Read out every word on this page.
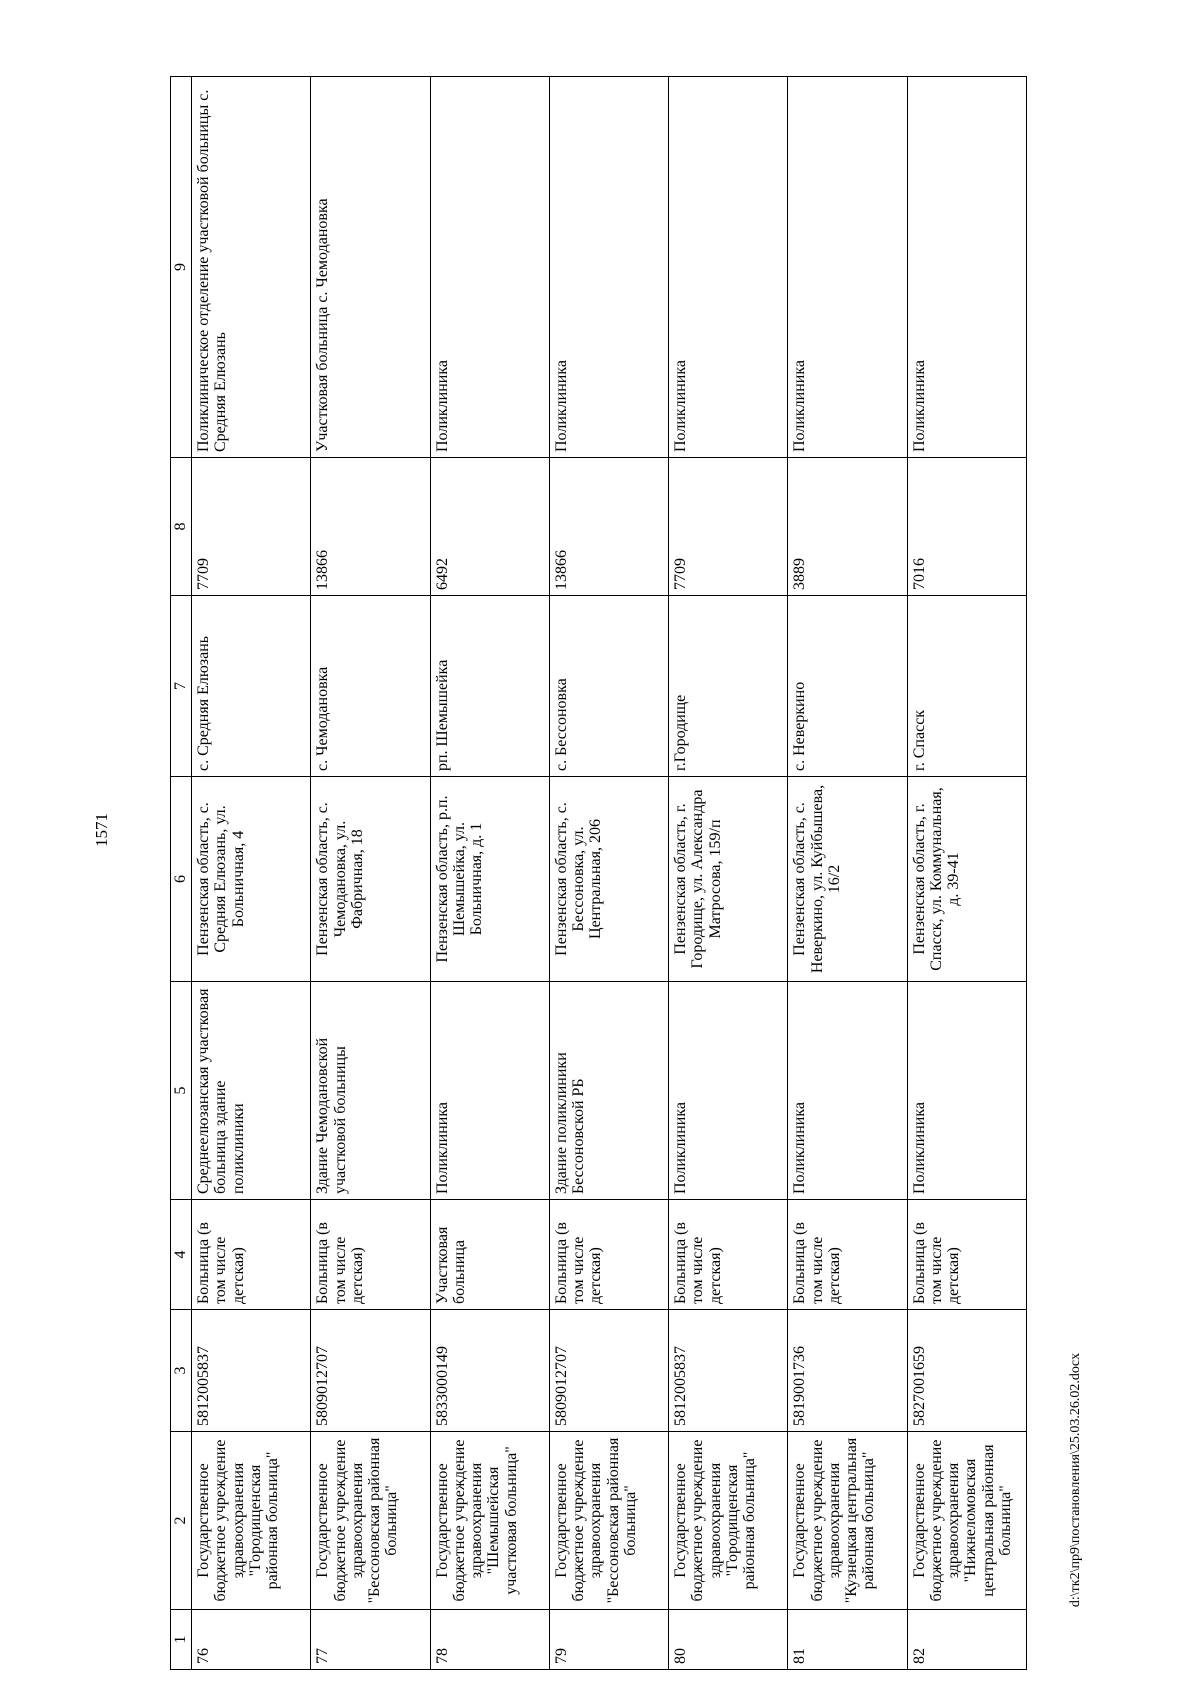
1571
1	2	3	4	5	6	7	8	9
76	Государственное бюджетное учреждение здравоохранения "Городищенская районная больница"	5812005837	Больница (в том числе детская)	Среднеелюзанская участковая больница здание поликлиники	Пензенская область, с. Средняя Елюзань, ул. Больничная, 4	с. Средняя Елюзань	7709	Поликлиническое отделение участковой больницы с. Средняя Елюзань
77	Государственное бюджетное учреждение здравоохранения "Бессоновская районная больница"	5809012707	Больница (в том числе детская)	Здание Чемодановской участковой больницы	Пензенская область, с. Чемодановка, ул. Фабричная, 18	с. Чемодановка	13866	Участковая больница с. Чемодановка
78	Государственное бюджетное учреждение здравоохранения "Шемышейская участковая больница"	5833000149	Участковая больница	Поликлиника	Пензенская область, р.п. Шемышейка, ул. Больничная, д. 1	рп. Шемышейка	6492	Поликлиника
79	Государственное бюджетное учреждение здравоохранения "Бессоновская районная больница"	5809012707	Больница (в том числе детская)	Здание поликлиники Бессоновской РБ	Пензенская область, с. Бессоновка, ул. Центральная, 206	с. Бессоновка	13866	Поликлиника
80	Государственное бюджетное учреждение здравоохранения "Городищенская районная больница"	5812005837	Больница (в том числе детская)	Поликлиника	Пензенская область, г. Городище, ул. Александра Матросова, 159/п	г.Городище	7709	Поликлиника
81	Государственное бюджетное учреждение здравоохранения "Кузнецкая центральная районная больница"	5819001736	Больница (в том числе детская)	Поликлиника	Пензенская область, с. Неверкино, ул. Куйбышева, 16/2	с. Неверкино	3889	Поликлиника
82	Государственное бюджетное учреждение здравоохранения "Нижнеломовская центральная районная больница"	5827001659	Больница (в том числе детская)	Поликлиника	Пензенская область, г. Спасск, ул. Коммунальная, д. 39-41	г. Спасск	7016	Поликлиника
d:\тк2\пр9\постановления\25.03.26.02.docx
